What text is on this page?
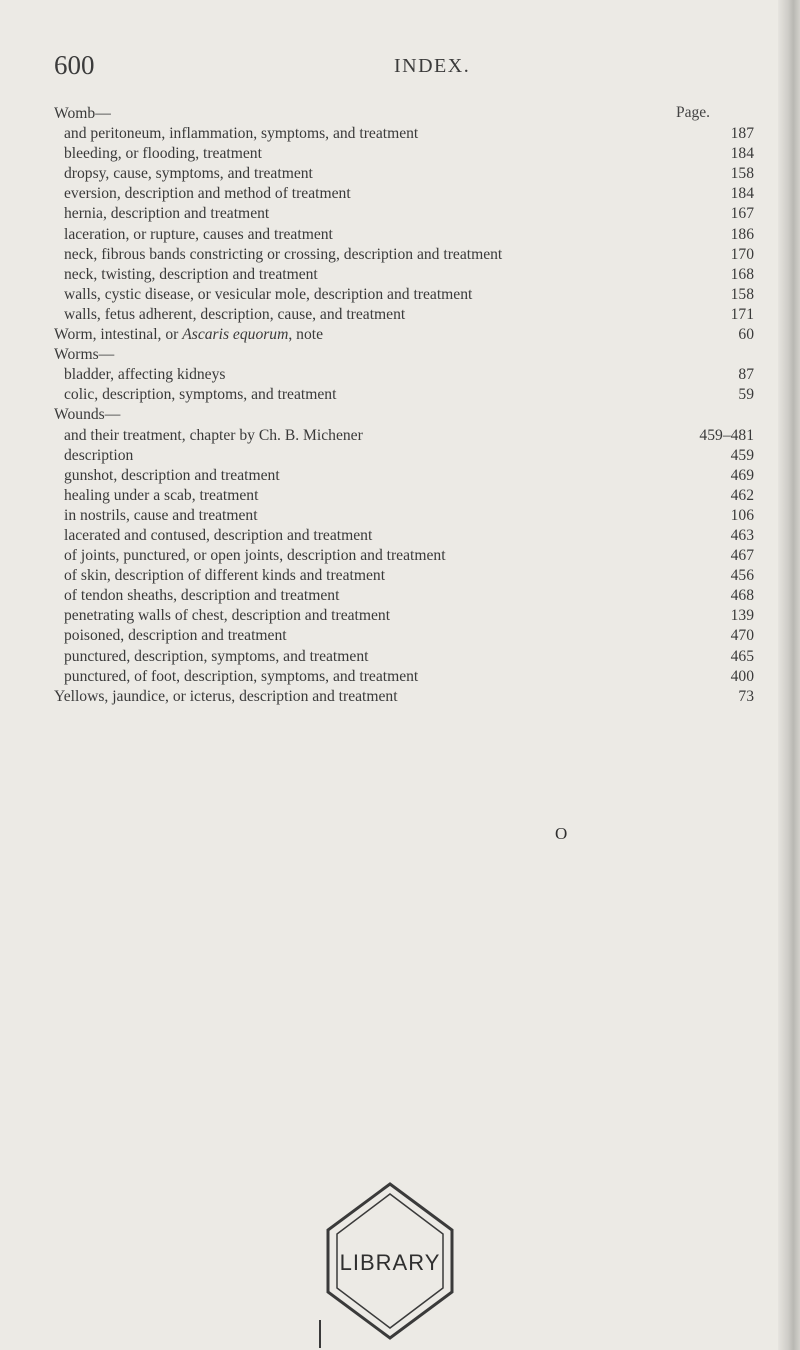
600	INDEX.
Page.
Womb—
and peritoneum, inflammation, symptoms, and treatment	187
bleeding, or flooding, treatment	184
dropsy, cause, symptoms, and treatment	158
eversion, description and method of treatment	184
hernia, description and treatment	167
laceration, or rupture, causes and treatment	186
neck, fibrous bands constricting or crossing, description and treatment	170
neck, twisting, description and treatment	168
walls, cystic disease, or vesicular mole, description and treatment	158
walls, fetus adherent, description, cause, and treatment	171
Worm, intestinal, or Ascaris equorum, note	60
Worms—
bladder, affecting kidneys	87
colic, description, symptoms, and treatment	59
Wounds—
and their treatment, chapter by Ch. B. Michener	459–481
description	459
gunshot, description and treatment	469
healing under a scab, treatment	462
in nostrils, cause and treatment	106
lacerated and contused, description and treatment	463
of joints, punctured, or open joints, description and treatment	467
of skin, description of different kinds and treatment	456
of tendon sheaths, description and treatment	468
penetrating walls of chest, description and treatment	139
poisoned, description and treatment	470
punctured, description, symptoms, and treatment	465
punctured, of foot, description, symptoms, and treatment	400
Yellows, jaundice, or icterus, description and treatment	73
O
LIBRARY
